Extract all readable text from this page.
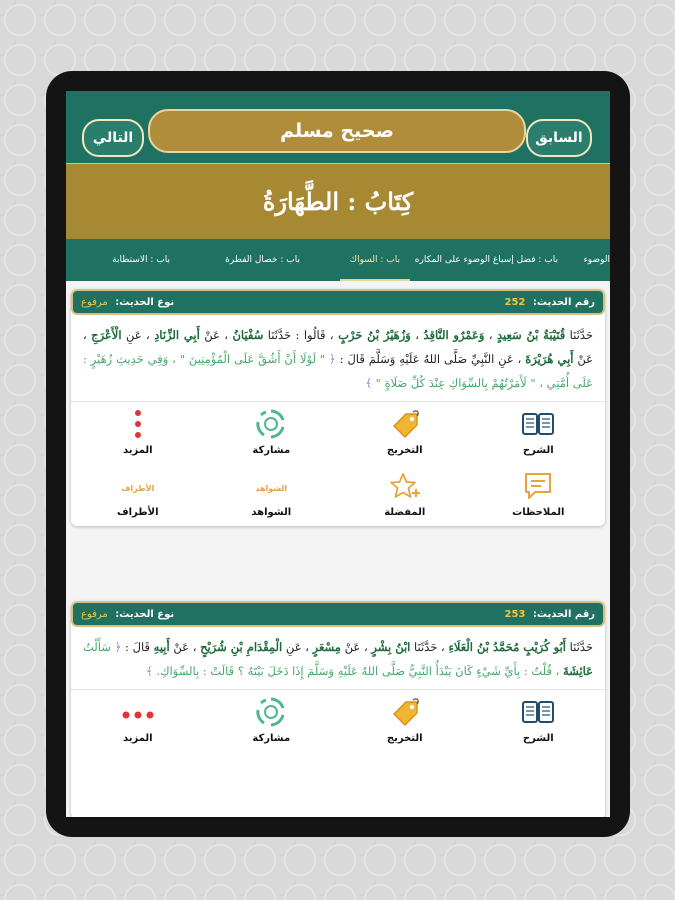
السابق
صحيح مسلم
التالي
كِتَابُ : الطَّهَارَةُ
الوضوء
باب : فضل إسباغ الوضوء على المكاره
باب : السواك
باب : خصال الفطرة
باب : الاستطابة
رقم الحديث: 252
نوع الحديث: مرفوع
حَدَّثَنَا قُتَيْبَةُ بْنُ سَعِيدٍ ، وَعَمْرٌو النَّاقِدُ ، وَزُهَيْرُ بْنُ حَرْبٍ ، قَالُوا : حَدَّثَنَا سُفْيَانُ ، عَنْ أَبِي الزِّنَادِ ، عَنِ الْأَعْرَجِ ، عَنْ أَبِي هُرَيْرَةَ ، عَنِ النَّبِيِّ صَلَّى اللهُ عَلَيْهِ وَسَلَّمَ قَالَ : ﴿ " لَوْلَا أَنْ أَشُقَّ عَلَى الْمُؤْمِنِينَ " ، وَفِي حَدِيثِ زُهَيْرٍ : عَلَى أُمَّتِي ، " لَأَمَرْتُهُمْ بِالسِّوَاكِ عِنْدَ كُلِّ صَلَاةٍ " ﴾
الشرح
التخريج
مشاركة
المزيد
الملاحظات
المفضلة
الشواهد
الشواهد
الأطراف
الأطراف
رقم الحديث: 253
نوع الحديث: مرفوع
حَدَّثَنَا أَبُو كُرَيْبٍ مُحَمَّدُ بْنُ الْعَلَاءِ ، حَدَّثَنَا ابْنُ بِشْرٍ ، عَنْ مِسْعَرٍ ، عَنِ الْمِقْدَامِ بْنِ شُرَيْحٍ ، عَنْ أَبِيهِ قَالَ : ﴿ سَأَلْتُ عَائِشَةَ ، قُلْتُ : بِأَيِّ شَيْءٍ كَانَ يَبْدَأُ النَّبِيُّ صَلَّى اللهُ عَلَيْهِ وَسَلَّمَ إِذَا دَخَلَ بَيْتَهُ ؟ قَالَتْ : بِالسِّوَاكِ. ﴾
الشرح
التخريج
مشاركة
المزيد
